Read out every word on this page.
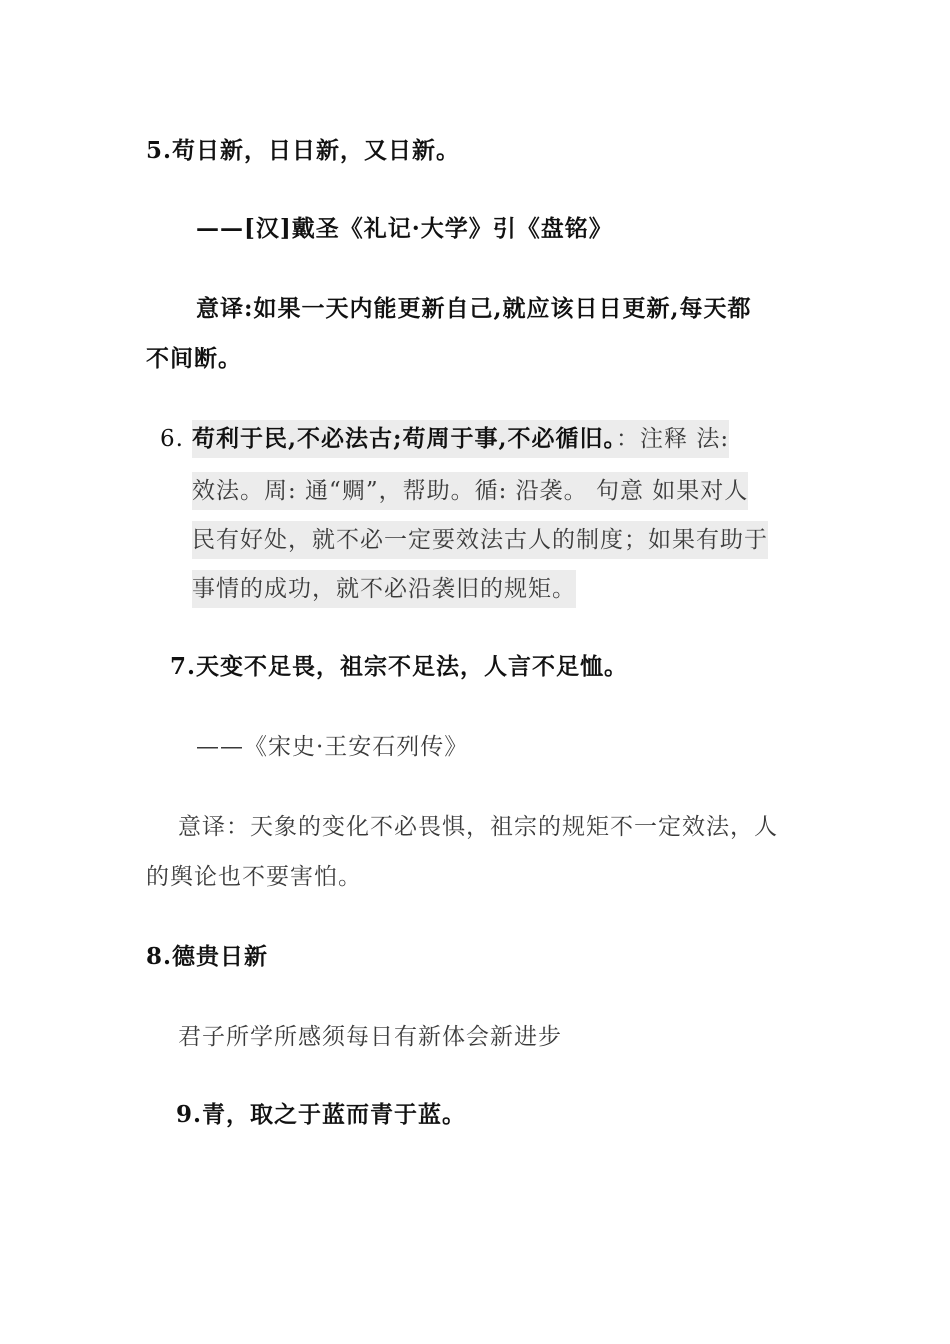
5.苟日新，日日新，又日新。
——[汉]戴圣《礼记·大学》引《盘铭》
意译:如果一天内能更新自己,就应该日日更新,每天都
不间断。
6. 苟利于民,不必法古;苟周于事,不必循旧。：注释 法:
效法。周: 通“赒”，帮助。循: 沿袭。 句意 如果对人
民有好处，就不必一定要效法古人的制度；如果有助于
事情的成功，就不必沿袭旧的规矩。
7.天变不足畏，祖宗不足法，人言不足恤。
——《宋史·王安石列传》
意译：天象的变化不必畏惧，祖宗的规矩不一定效法，人
的舆论也不要害怕。
8.德贵日新
君子所学所感须每日有新体会新进步
9.青，取之于蓝而青于蓝。
